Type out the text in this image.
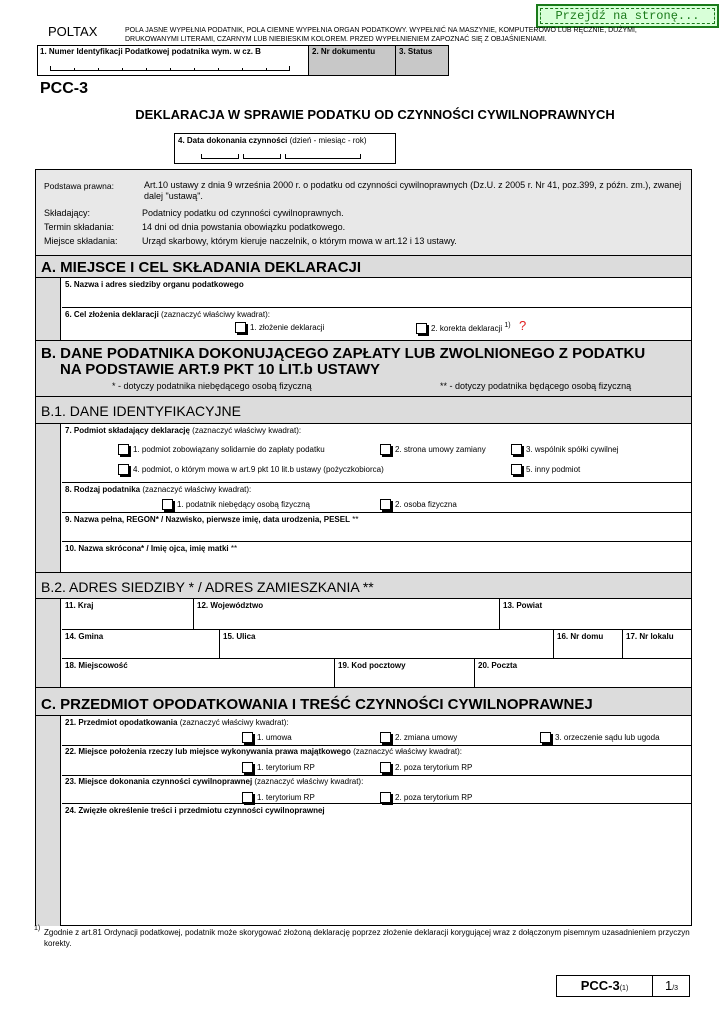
Przejdź na stronę...
POLTAX	POLA JASNE WYPEŁNIA PODATNIK, POLA CIEMNE WYPEŁNIA ORGAN PODATKOWY. WYPEŁNIĆ NA MASZYNIE, KOMPUTEROWO LUB RĘCZNIE, DUŻYMI, DRUKOWANYMI LITERAMI, CZARNYM LUB NIEBIESKIM KOLOREM. PRZED WYPEŁNIENIEM ZAPOZNAĆ SIĘ Z OBJAŚNIENIAMI.
1. Numer Identyfikacji Podatkowej podatnika wym. w cz. B	2. Nr dokumentu	3. Status
PCC-3
DEKLARACJA W SPRAWIE PODATKU OD CZYNNOŚCI CYWILNOPRAWNYCH
4. Data dokonania czynności (dzień - miesiąc - rok)
Podstawa prawna:	Art.10 ustawy z dnia 9 września 2000 r. o podatku od czynności cywilnoprawnych (Dz.U. z 2005 r. Nr 41, poz.399, z późn. zm.), zwanej dalej "ustawą".
Składający:	Podatnicy podatku od czynności cywilnoprawnych.
Termin składania:	14 dni od dnia powstania obowiązku podatkowego.
Miejsce składania:	Urząd skarbowy, którym kieruje naczelnik, o którym mowa w art.12 i 13 ustawy.
A. MIEJSCE I CEL SKŁADANIA DEKLARACJI
5. Nazwa i adres siedziby organu podatkowego
6. Cel złożenia deklaracji (zaznaczyć właściwy kwadrat):
1. złożenie deklaracji	2. korekta deklaracji $^{1)}$ ?
B. DANE PODATNIKA DOKONUJĄCEGO ZAPŁATY LUB ZWOLNIONEGO Z PODATKU
NA PODSTAWIE ART.9 PKT 10 LIT.b USTAWY
* - dotyczy podatnika niebędącego osobą fizyczną	** - dotyczy podatnika będącego osobą fizyczną
B.1. DANE IDENTYFIKACYJNE
7. Podmiot składający deklarację (zaznaczyć właściwy kwadrat):
1. podmiot zobowiązany solidarnie do zapłaty podatku	2. strona umowy zamiany	3. wspólnik spółki cywilnej
4. podmiot, o którym mowa w art.9 pkt 10 lit.b ustawy (pożyczkobiorca)	5. inny podmiot
8. Rodzaj podatnika (zaznaczyć właściwy kwadrat):
1. podatnik niebędący osobą fizyczną	2. osoba fizyczna
9. Nazwa pełna, REGON* / Nazwisko, pierwsze imię, data urodzenia, PESEL **
10. Nazwa skrócona* / Imię ojca, imię matki **
B.2. ADRES SIEDZIBY * / ADRES ZAMIESZKANIA **
11. Kraj	12. Województwo	13. Powiat
14. Gmina	15. Ulica	16. Nr domu	17. Nr lokalu
18. Miejscowość	19. Kod pocztowy	20. Poczta
C. PRZEDMIOT OPODATKOWANIA I TREŚĆ CZYNNOŚCI CYWILNOPRAWNEJ
21. Przedmiot opodatkowania (zaznaczyć właściwy kwadrat):
1. umowa	2. zmiana umowy	3. orzeczenie sądu lub ugoda
22. Miejsce położenia rzeczy lub miejsce wykonywania prawa majątkowego (zaznaczyć właściwy kwadrat):
1. terytorium RP	2. poza terytorium RP
23. Miejsce dokonania czynności cywilnoprawnej (zaznaczyć właściwy kwadrat):
1. terytorium RP	2. poza terytorium RP
24. Zwięzłe określenie treści i przedmiotu czynności cywilnoprawnej
1) Zgodnie z art.81 Ordynacji podatkowej, podatnik może skorygować złożoną deklarację poprzez złożenie deklaracji korygującej wraz z dołączonym pisemnym uzasadnieniem przyczyn korekty.
PCC-3(1)	1/3
